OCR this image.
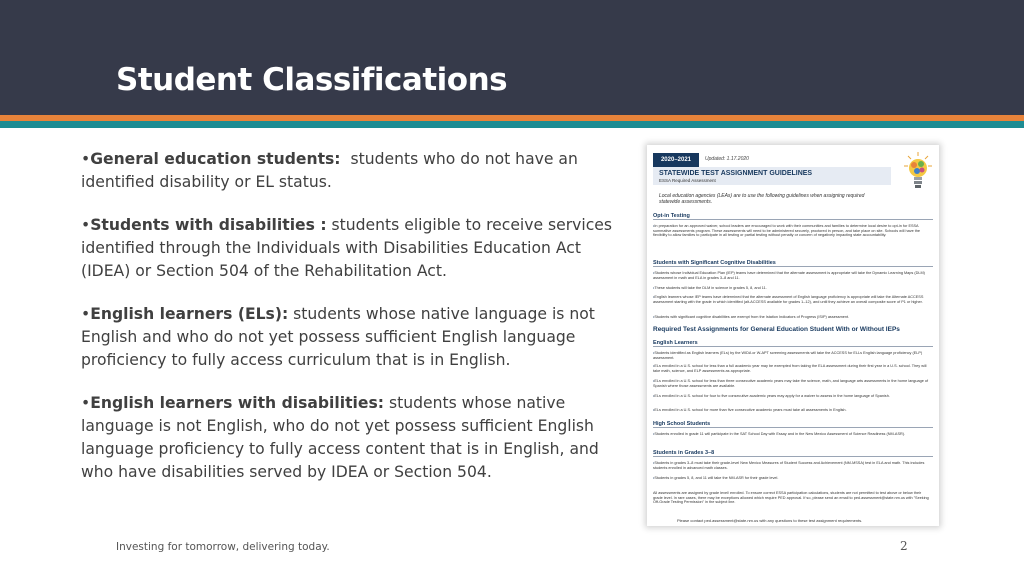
Student Classifications

•General education students: students who do not have an identified disability or EL status.

•Students with disabilities : students eligible to receive services identified through the Individuals with Disabilities Education Act (IDEA) or Section 504 of the Rehabilitation Act.

•English learners (ELs): students whose native language is not English and who do not yet possess sufficient English language proficiency to fully access curriculum that is in English.

•English learners with disabilities: students whose native language is not English, who do not yet possess sufficient English language proficiency to fully access content that is in English, and who have disabilities served by IDEA or Section 504.

2020–2021	Updated: 1.17.2020
STATEWIDE TEST ASSIGNMENT GUIDELINES
ESSA Required Assessment
Local education agencies (LEAs) are to use the following guidelines when assigning required statewide assessments.
Opt-in Testing
• In preparation for an approved waiver, school leaders are encouraged to work with their communities and families to determine local desire to opt-in for ESSA summative assessments program. These assessments will need to be administered securely, proctored in person, and take place on site. Schools will have the flexibility to allow families to participate in all testing or partial testing without penalty or concern of negatively impacting state accountability.
Students with Significant Cognitive Disabilities
• Students whose Individual Education Plan (IEP) teams have determined that the alternate assessment is appropriate will take the Dynamic Learning Maps (DLM) assessment in math and ELA in grades 3–8 and 11.
• These students will take the DLM in science in grades 5, 8, and 11.
• English learners whose IEP teams have determined that the alternate assessment of English language proficiency is appropriate will take the Alternate ACCESS assessment starting with the grade in which identified (alt-ACCESS available for grades 1–12), and until they achieve an overall composite score of P1 or higher.
• Students with significant cognitive disabilities are exempt from the Istation Indicators of Progress (ISIP) assessment.
Required Test Assignments for General Education Student With or Without IEPs
English Learners
• Students identified as English learners (ELs) by the WIDA or W-APT screening assessments will take the ACCESS for ELLs English language proficiency (ELP) assessment.
• ELs enrolled in a U.S. school for less than a full academic year may be exempted from taking the ELA assessment during their first year in a U.S. school. They will take math, science, and ELP assessments as appropriate.
• ELs enrolled in a U.S. school for less than three consecutive academic years may take the science, math, and language arts assessments in the home language of Spanish where those assessments are available.
• ELs enrolled in a U.S. school for four to five consecutive academic years may apply for a waiver to assess in the home language of Spanish.
• ELs enrolled in a U.S. school for more than five consecutive academic years must take all assessments in English.
High School Students
• Students enrolled in grade 11 will participate in the SAT School Day with Essay and in the New Mexico Assessment of Science Readiness (NM-ASR).
Students in Grades 3–8
• Students in grades 3–8 must take their grade-level New Mexico Measures of Student Success and Achievement (NM-MSSA) test in ELA and math. This includes students enrolled in advanced math classes.
• Students in grades 5, 8, and 11 will take the NM-ASR for their grade level.
All assessments are assigned by grade level/ enrolled. To ensure correct ESSA participation calculations, students are not permitted to test above or below their grade level. In rare cases, there may be exceptions allowed which require PED approval. If so, please send an email to ped.assessment@state.nm.us with "Seeking Off-Grade Testing Permission" in the subject line.
Please contact ped.assessment@state.nm.us with any questions to these test assignment requirements.
Investing for tomorrow, delivering today.	2
